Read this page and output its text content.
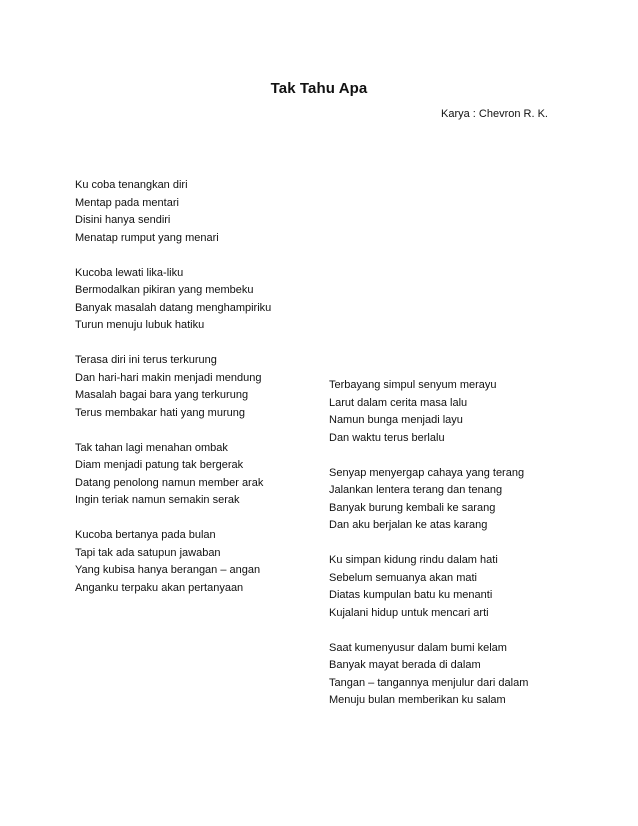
Tak Tahu Apa
Karya : Chevron R. K.
Ku coba tenangkan diri
Mentap pada mentari
Disini hanya sendiri
Menatap rumput yang menari
Kucoba lewati lika-liku
Bermodalkan pikiran yang membeku
Banyak masalah datang menghampiriku
Turun menuju lubuk hatiku
Terasa diri ini terus terkurung
Dan hari-hari makin menjadi mendung
Masalah bagai bara yang terkurung
Terus membakar hati yang murung
Tak tahan lagi menahan ombak
Diam menjadi patung tak bergerak
Datang penolong namun member arak
Ingin teriak namun semakin serak
Kucoba bertanya pada bulan
Tapi tak ada satupun jawaban
Yang kubisa hanya berangan – angan
Anganku terpaku akan pertanyaan
Terbayang simpul senyum merayu
Larut dalam cerita masa lalu
Namun bunga menjadi layu
Dan waktu terus berlalu
Senyap menyergap cahaya yang terang
Jalankan lentera terang dan tenang
Banyak burung kembali ke sarang
Dan aku berjalan ke atas karang
Ku simpan kidung rindu dalam hati
Sebelum semuanya akan mati
Diatas kumpulan batu ku menanti
Kujalani hidup untuk mencari arti
Saat kumenyusur dalam bumi kelam
Banyak mayat berada di dalam
Tangan – tangannya menjulur dari dalam
Menuju bulan memberikan ku salam
